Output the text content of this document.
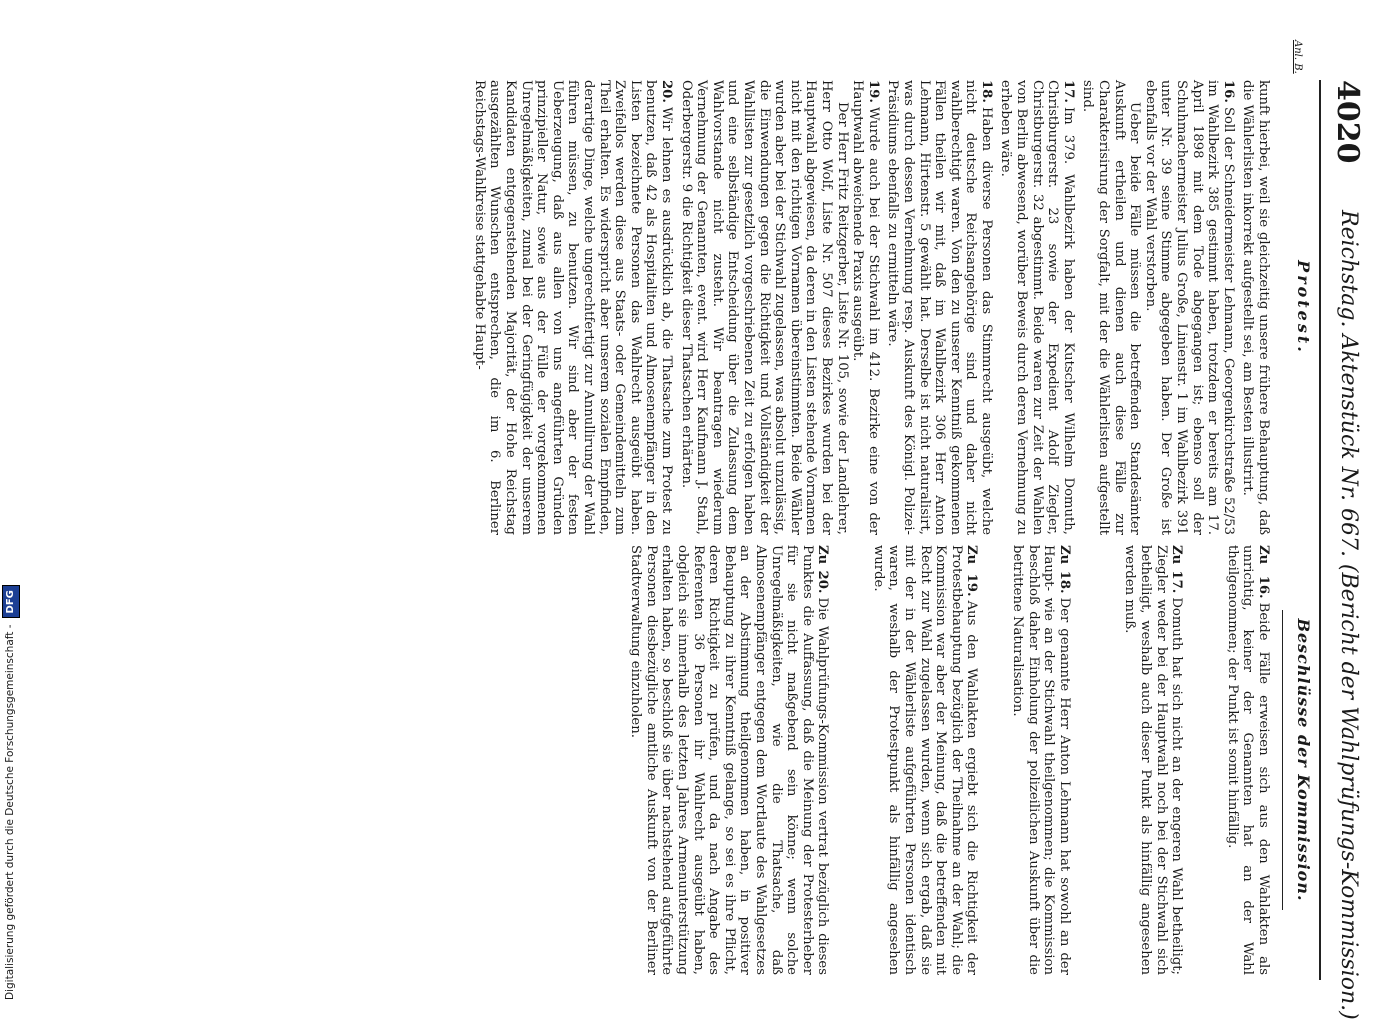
4020
Reichstag. Aktenstück Nr. 667. (Bericht der Wahlprüfungs-Kommission.)
Anl. B.
Protest.
Beschlüsse der Kommission.

kunft hierbei, weil sie gleichzeitig unsere frühere Behauptung, daß die Wählerlisten inkorrekt aufgestellt sei, am Besten illustrirt.

16.Soll der Schneidermeister Lehmann, Georgenkirchstraße 52/53 im Wahlbezirk 385 gestimmt haben, trotzdem er bereits am 17. April 1898 mit dem Tode abgegangen ist; ebenso soll der Schuhmachermeister Julius Große, Linienstr. 1 im Wahlbezirk 391 unter Nr. 39 seine Stimme abgegeben haben. Der Große ist ebenfalls vor der Wahl verstorben.

Ueber beide Fälle müssen die betreffenden Standesämter Auskunft ertheilen und dienen auch diese Fälle zur Charakterisirung der Sorgfalt, mit der die Wählerlisten aufgestellt sind.

17.Im 379. Wahlbezirk haben der Kutscher Wilhelm Domuth, Christburgerstr. 23 sowie der Expedient Adolf Ziegler, Christburgerstr. 32 abgestimmt. Beide waren zur Zeit der Wahlen von Berlin abwesend, worüber Beweis durch deren Vernehmung zu erheben wäre.

18.Haben diverse Personen das Stimmrecht ausgeübt, welche nicht deutsche Reichsangehörige sind und daher nicht wahlberechtigt waren. Von den zu unserer Kenntniß gekommenen Fällen theilen wir mit, daß im Wahlbezirk 306 Herr Anton Lehmann, Hirtenstr. 5 gewählt hat. Derselbe ist nicht naturalisirt, was durch dessen Vernehmung resp. Auskunft des Königl. Polizei-Präsidiums ebenfalls zu ermitteln wäre.

19.Wurde auch bei der Stichwahl im 412. Bezirke eine von der Hauptwahl abweichende Praxis ausgeübt.

Der Herr Fritz Reitzgerber, Liste Nr. 105, sowie der Landlehrer, Herr Otto Wolf, Liste Nr. 507 dieses Bezirkes wurden bei der Hauptwahl abgewiesen, da deren in den Listen stehende Vornamen nicht mit den richtigen Vornamen übereinstimmten. Beide Wähler wurden aber bei der Stichwahl zugelassen, was absolut unzulässig, die Einwendungen gegen die Richtigkeit und Vollständigkeit der Wahllisten zur gesetzlich vorgeschriebenen Zeit zu erfolgen haben und eine selbständige Entscheidung über die Zulassung dem Wahlvorstande nicht zusteht. Wir beantragen wiederum Vernehmung der Genannten, event. wird Herr Kaufmann J. Stahl, Oderbergerstr. 9 die Richtigkeit dieser Thatsachen erhärten.

20.Wir lehnen es ausdrücklich ab, die Thatsache zum Protest zu benutzen, daß 42 als Hospitaliten und Almosenempfänger in den Listen bezeichnete Personen das Wahlrecht ausgeübt haben. Zweifellos werden diese aus Staats- oder Gemeindemitteln zum Theil erhalten. Es widerspricht aber unserem sozialen Empfinden, derartige Dinge, welche ungerechtfertigt zur Annullirung der Wahl führen müssen, zu benutzen. Wir sind aber der festen Ueberzeugung, daß aus allen von uns angeführten Gründen prinzipieller Natur, sowie aus der Fülle der vorgekommenen Unregelmäßigkeiten, zumal bei der Geringfügigkeit der unserem Kandidaten entgegenstehenden Majorität, der Hohe Reichstag ausgezählten Wunschen entsprechen, die im 6. Berliner Reichstags-Wahlkreise stattgehabte Haupt-

Zu 16.Beide Fälle erweisen sich aus den Wahlakten als unrichtig, keiner der Genannten hat an der Wahl theilgenommen; der Punkt ist somit hinfällig.

Zu 17.Domuth hat sich nicht an der engeren Wahl betheiligt; Ziegler weder bei der Hauptwahl noch bei der Stichwahl sich betheiligt, weshalb auch dieser Punkt als hinfällig angesehen werden muß.

Zu 18.Der genannte Herr Anton Lehmann hat sowohl an der Haupt- wie an der Stichwahl theilgenommen; die Kommission beschloß daher Einholung der polizeilichen Auskunft über die betrittene Naturalisation.

Zu 19.Aus den Wahlakten ergiebt sich die Richtigkeit der Protestbehauptung bezüglich der Theilnahme an der Wahl; die Kommission war aber der Meinung, daß die betreffenden mit Recht zur Wahl zugelassen wurden, wenn sich ergab, daß sie mit der in der Wählerliste aufgeführten Personen identisch waren, weshalb der Protestpunkt als hinfällig angesehen wurde.

Zu 20.Die Wahlprüfungs-Kommission vertrat bezüglich dieses Punktes die Auffassung, daß die Meinung der Protesterheber für sie nicht maßgebend sein könne; wenn solche Unregelmäßigkeiten, wie die Thatsache, daß Almosenempfänger entgegen dem Wortlaute des Wahlgesetzes an der Abstimmung theilgenommen haben, in positiver Behauptung zu ihrer Kenntniß gelange, so sei es ihre Pflicht, deren Richtigkeit zu prüfen, und da nach Angabe des Referenten 36 Personen ihr Wahlrecht ausgeübt haben, obgleich sie innerhalb des letzten Jahres Armenunterstützung erhalten haben, so beschloß sie über nachstehend aufgeführte Personen diesbezügliche amtliche Auskunft von der Berliner Stadtverwaltung einzuholen.

Digitalisierung gefördert durch die Deutsche Forschungsgemeinschaft -DFG
